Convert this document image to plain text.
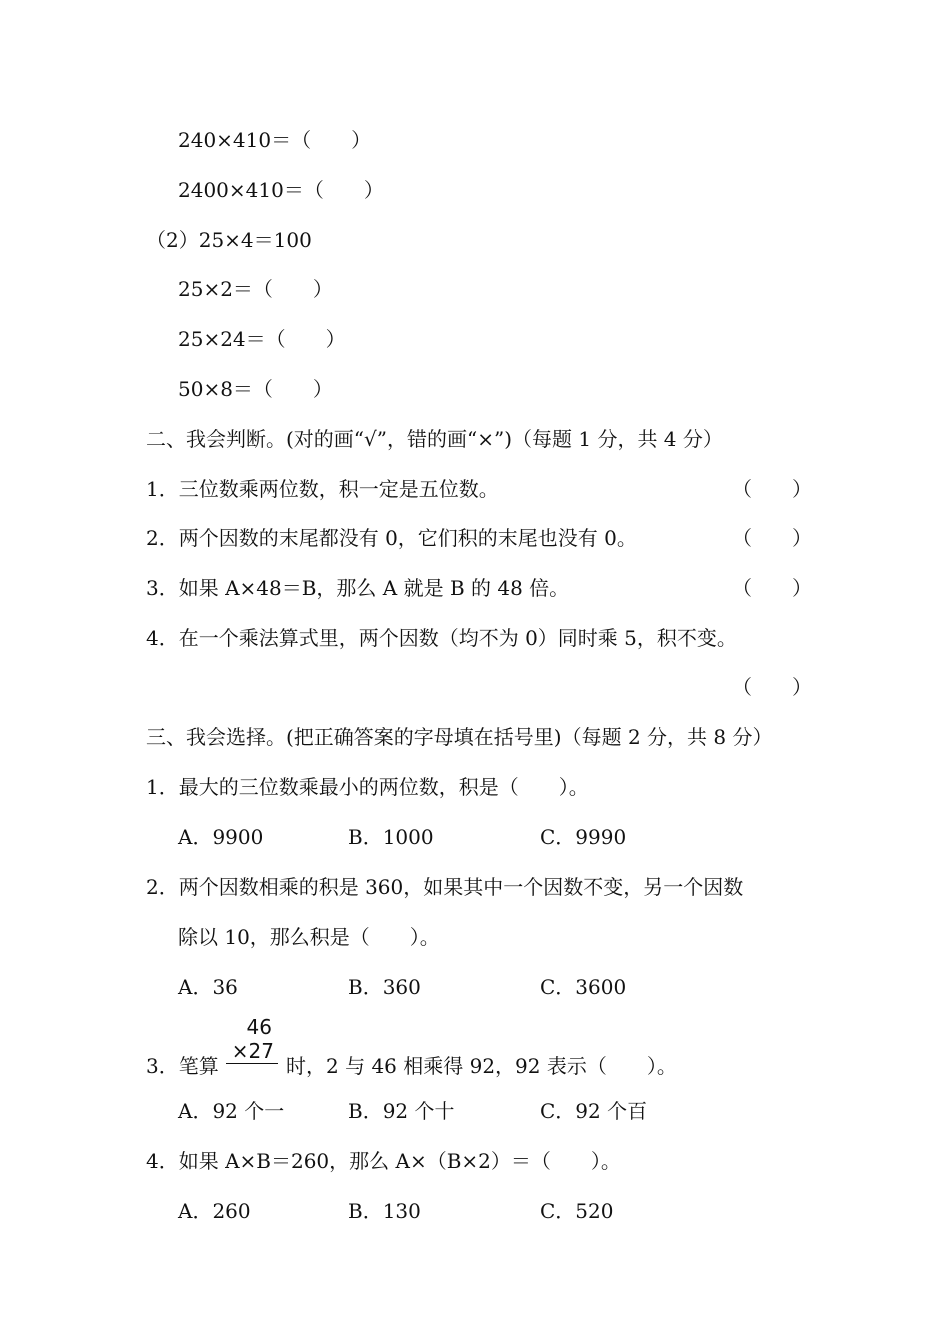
240×410＝（　　）
2400×410＝（　　）
（2）25×4＝100
25×2＝（　　）
25×24＝（　　）
50×8＝（　　）
二、我会判断。(对的画“√”，错的画“×”)（每题 1 分，共 4 分）
1．三位数乘两位数，积一定是五位数。	（　　）
2．两个因数的末尾都没有 0，它们积的末尾也没有 0。	（　　）
3．如果 A×48＝B，那么 A 就是 B 的 48 倍。	（　　）
4．在一个乘法算式里，两个因数（均不为 0）同时乘 5，积不变。
（　　）
三、我会选择。(把正确答案的字母填在括号里)（每题 2 分，共 8 分）
1．最大的三位数乘最小的两位数，积是（　　）。
A．9900	B．1000	C．9990
2．两个因数相乘的积是 360，如果其中一个因数不变，另一个因数
除以 10，那么积是（　　）。
A．36	B．360	C．3600
3．笔算
46
×27
时，2 与 46 相乘得 92，92 表示（　　）。
A．92 个一	B．92 个十	C．92 个百
4．如果 A×B＝260，那么 A×（B×2）＝（　　）。
A．260	B．130	C．520
